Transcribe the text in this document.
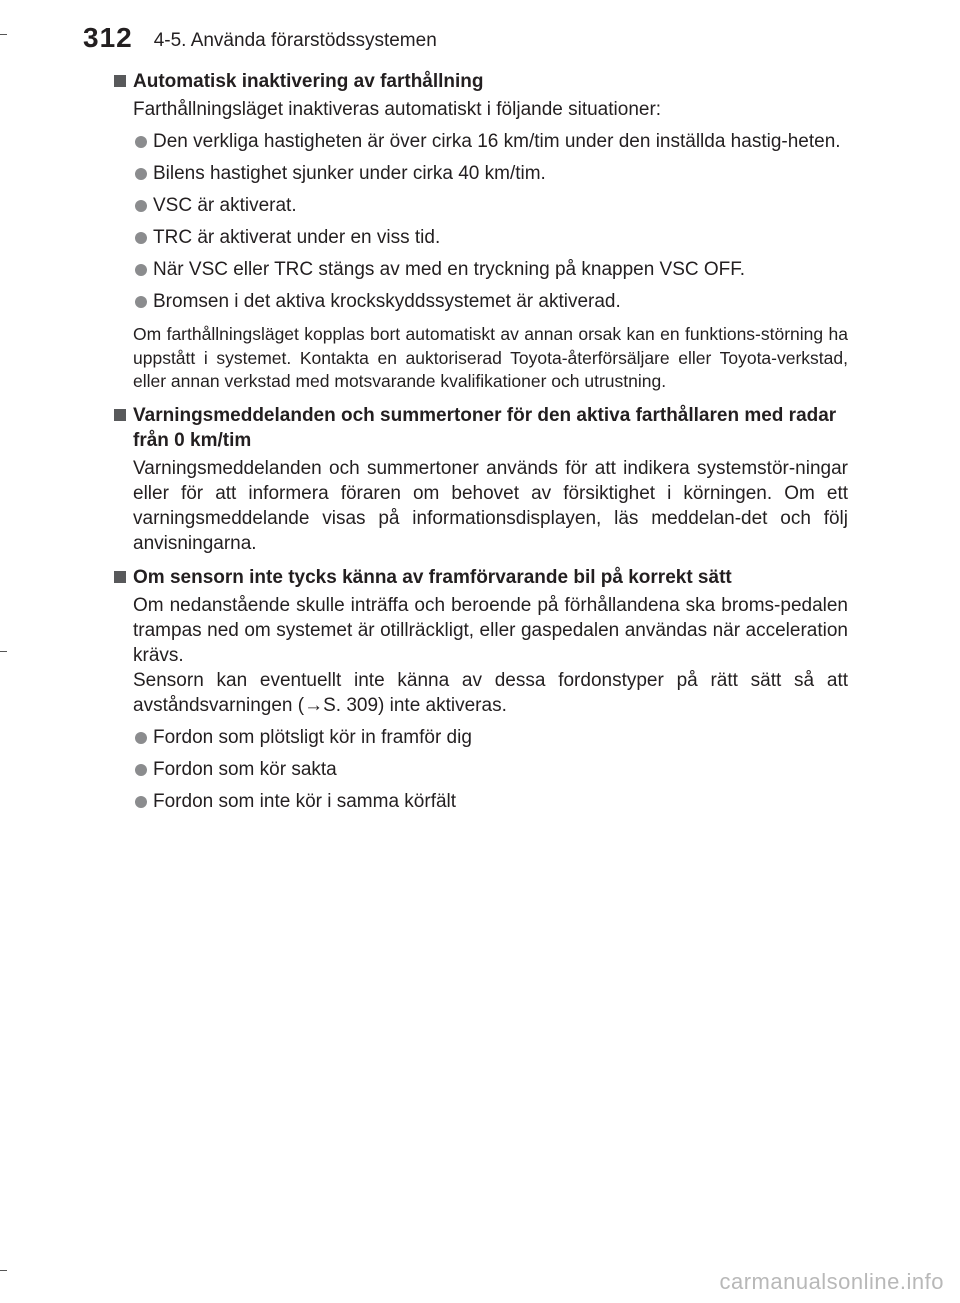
312 4-5. Använda förarstödssystemen
Automatisk inaktivering av farthållning
Farthållningsläget inaktiveras automatiskt i följande situationer:
Den verkliga hastigheten är över cirka 16 km/tim under den inställda hastig-heten.
Bilens hastighet sjunker under cirka 40 km/tim.
VSC är aktiverat.
TRC är aktiverat under en viss tid.
När VSC eller TRC stängs av med en tryckning på knappen VSC OFF.
Bromsen i det aktiva krockskyddssystemet är aktiverad.
Om farthållningsläget kopplas bort automatiskt av annan orsak kan en funktions-störning ha uppstått i systemet. Kontakta en auktoriserad Toyota-återförsäljare eller Toyota-verkstad, eller annan verkstad med motsvarande kvalifikationer och utrustning.
Varningsmeddelanden och summertoner för den aktiva farthållaren med radar från 0 km/tim
Varningsmeddelanden och summertoner används för att indikera systemstör-ningar eller för att informera föraren om behovet av försiktighet i körningen. Om ett varningsmeddelande visas på informationsdisplayen, läs meddelan-det och följ anvisningarna.
Om sensorn inte tycks känna av framförvarande bil på korrekt sätt
Om nedanstående skulle inträffa och beroende på förhållandena ska broms-pedalen trampas ned om systemet är otillräckligt, eller gaspedalen användas när acceleration krävs.
Sensorn kan eventuellt inte känna av dessa fordonstyper på rätt sätt så att avståndsvarningen (→S. 309) inte aktiveras.
Fordon som plötsligt kör in framför dig
Fordon som kör sakta
Fordon som inte kör i samma körfält
carmanualsonline.info
